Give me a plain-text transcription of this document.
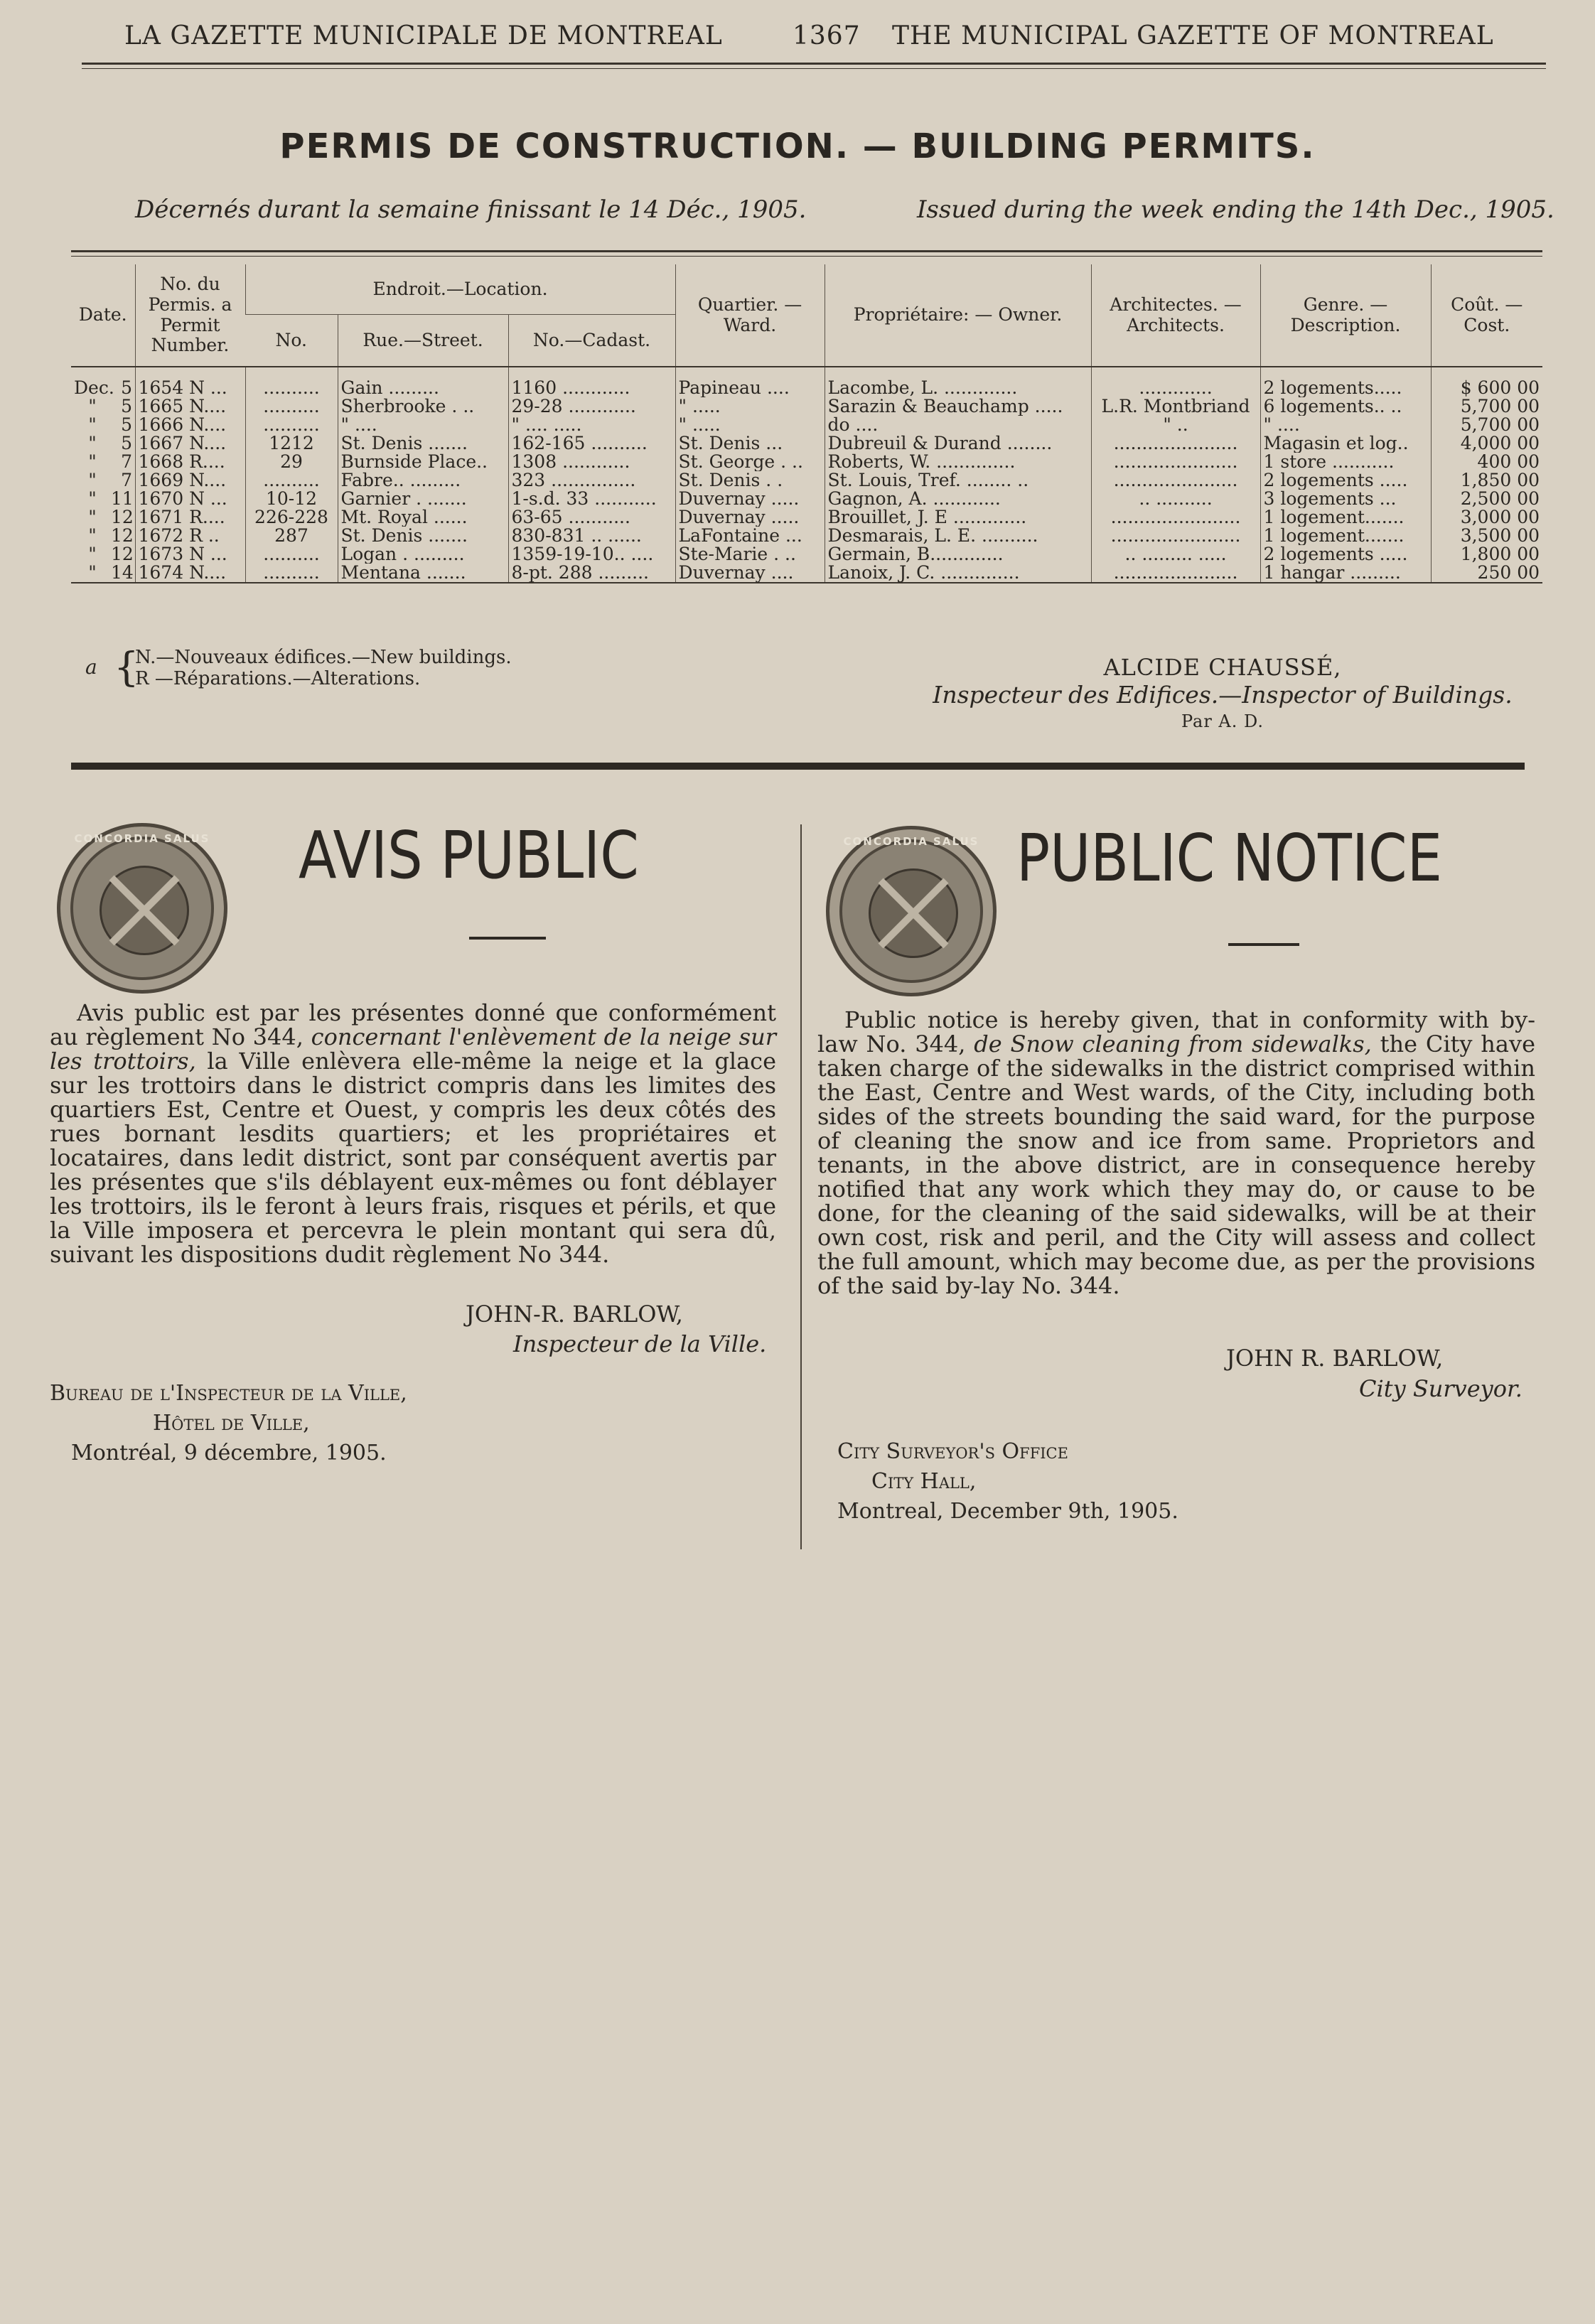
LA GAZETTE MUNICIPALE DE MONTREAL	1367 THE MUNICIPAL GAZETTE OF MONTREAL
PERMIS DE CONSTRUCTION. — BUILDING PERMITS.
Décernés durant la semaine finissant le 14 Déc., 1905.	Issued during the week ending the 14th Dec., 1905.
Date.	No. du Permis. a Permit Number.	Endroit.—Location.			Quartier. — Ward.	Propriétaire: — Owner.	Architectes. — Architects.	Genre. — Description.	Coût. — Cost.
		No.	Rue.—Street.	No.—Cadast.					
Dec. 5	1654 N ...	..........	Gain .........	1160 ............	Papineau ....	Lacombe, L. .............	.............	2 logements.....	$ 600 00
" 5	1665 N....	..........	Sherbrooke . ..	29-28 ............	" .....	Sarazin & Beauchamp .....	L.R. Montbriand	6 logements.. ..	5,700 00
" 5	1666 N....	..........	" ....	" .... .....	" .....	do ....	" ..	" ....	5,700 00
" 5	1667 N....	1212	St. Denis .......	162-165 ..........	St. Denis ...	Dubreuil & Durand ........	......................	Magasin et log..	4,000 00
" 7	1668 R....	29	Burnside Place..	1308 ............	St. George . ..	Roberts, W. ..............	......................	1 store ...........	400 00
" 7	1669 N....	..........	Fabre.. .........	323 ...............	St. Denis . .	St. Louis, Tref. ........ ..	......................	2 logements .....	1,850 00
" 11	1670 N ...	10-12	Garnier . .......	1-s.d. 33 ...........	Duvernay .....	Gagnon, A. ............	.. ..........	3 logements ...	2,500 00
" 12	1671 R....	226-228	Mt. Royal ......	63-65 ...........	Duvernay .....	Brouillet, J. E .............	.......................	1 logement.......	3,000 00
" 12	1672 R ..	287	St. Denis .......	830-831 .. ......	LaFontaine ...	Desmarais, L. E. ..........	.......................	1 logement.......	3,500 00
" 12	1673 N ...	..........	Logan . .........	1359-19-10.. ....	Ste-Marie . ..	Germain, B.............	.. ......... .....	2 logements .....	1,800 00
" 14	1674 N....	..........	Mentana .......	8-pt. 288 .........	Duvernay ....	Lanoix, J. C. ..............	......................	1 hangar .........	250 00
a {
N.—Nouveaux édifices.—New buildings.
R —Réparations.—Alterations.	ALCIDE CHAUSSÉ,
Inspecteur des Edifices.—Inspector of Buildings.
Par A. D.
CONCORDIA SALUS AVIS PUBLIC
Avis public est par les présentes donné que conformément au règlement No 344, concernant l'enlèvement de la neige sur les trottoirs, la Ville enlèvera elle-même la neige et la glace sur les trottoirs dans le district compris dans les limites des quartiers Est, Centre et Ouest, y compris les deux côtés des rues bornant lesdits quartiers; et les propriétaires et locataires, dans ledit district, sont par conséquent avertis par les présentes que s'ils déblayent eux-mêmes ou font déblayer les trottoirs, ils le feront à leurs frais, risques et périls, et que la Ville imposera et percevra le plein montant qui sera dû, suivant les dispositions dudit règlement No 344.
JOHN-R. BARLOW,
Inspecteur de la Ville.
Bureau de l'Inspecteur de la Ville,
Hôtel de Ville,
Montréal, 9 décembre, 1905.
CONCORDIA SALUS PUBLIC NOTICE
Public notice is hereby given, that in conformity with by-law No. 344, de Snow cleaning from sidewalks, the City have taken charge of the sidewalks in the district comprised within the East, Centre and West wards, of the City, including both sides of the streets bounding the said ward, for the purpose of cleaning the snow and ice from same. Proprietors and tenants, in the above district, are in consequence hereby notified that any work which they may do, or cause to be done, for the cleaning of the said sidewalks, will be at their own cost, risk and peril, and the City will assess and collect the full amount, which may become due, as per the provisions of the said by-lay No. 344.
JOHN R. BARLOW,
City Surveyor.
City Surveyor's Office
City Hall,
Montreal, December 9th, 1905.
